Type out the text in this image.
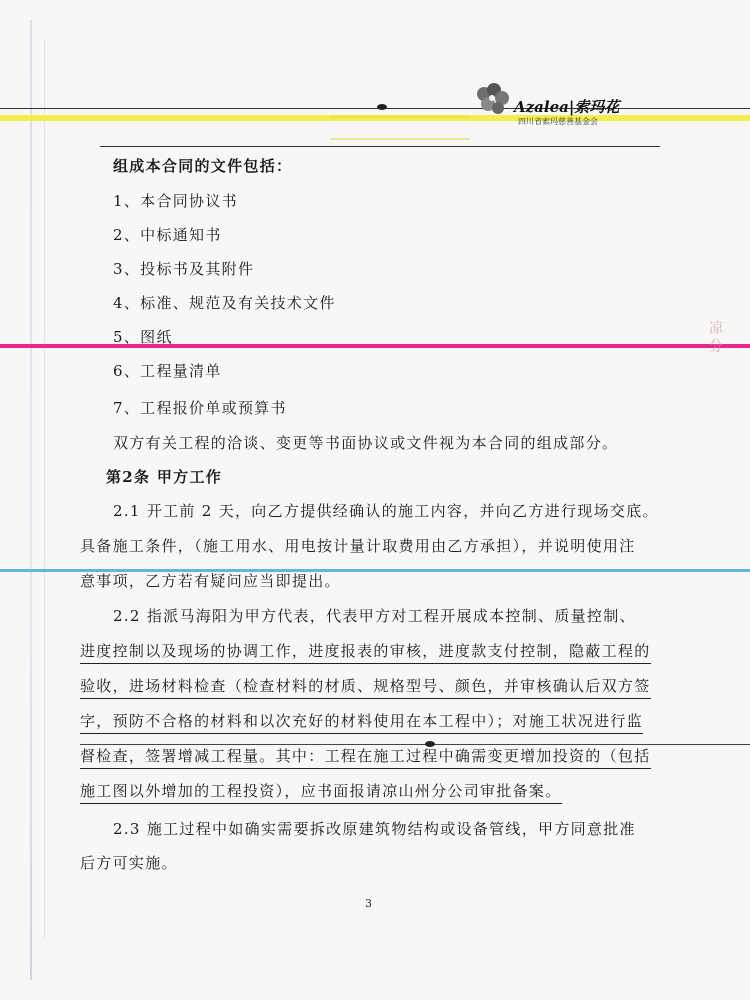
Azalea|索玛花
四川省索玛慈善基金会
凉 分
组成本合同的文件包括：
1、本合同协议书
2、中标通知书
3、投标书及其附件
4、标准、规范及有关技术文件
5、图纸
6、工程量清单
7、工程报价单或预算书
双方有关工程的洽谈、变更等书面协议或文件视为本合同的组成部分。
第2条 甲方工作
2.1 开工前 2 天，向乙方提供经确认的施工内容，并向乙方进行现场交底。
具备施工条件，（施工用水、用电按计量计取费用由乙方承担），并说明使用注
意事项，乙方若有疑问应当即提出。
2.2 指派马海阳为甲方代表，代表甲方对工程开展成本控制、质量控制、
进度控制以及现场的协调工作，进度报表的审核，进度款支付控制，隐蔽工程的
验收，进场材料检查（检查材料的材质、规格型号、颜色，并审核确认后双方签
字，预防不合格的材料和以次充好的材料使用在本工程中）；对施工状况进行监
督检查，签署增减工程量。其中：工程在施工过程中确需变更增加投资的（包括
施工图以外增加的工程投资），应书面报请凉山州分公司审批备案。
2.3 施工过程中如确实需要拆改原建筑物结构或设备管线，甲方同意批准
后方可实施。
3
